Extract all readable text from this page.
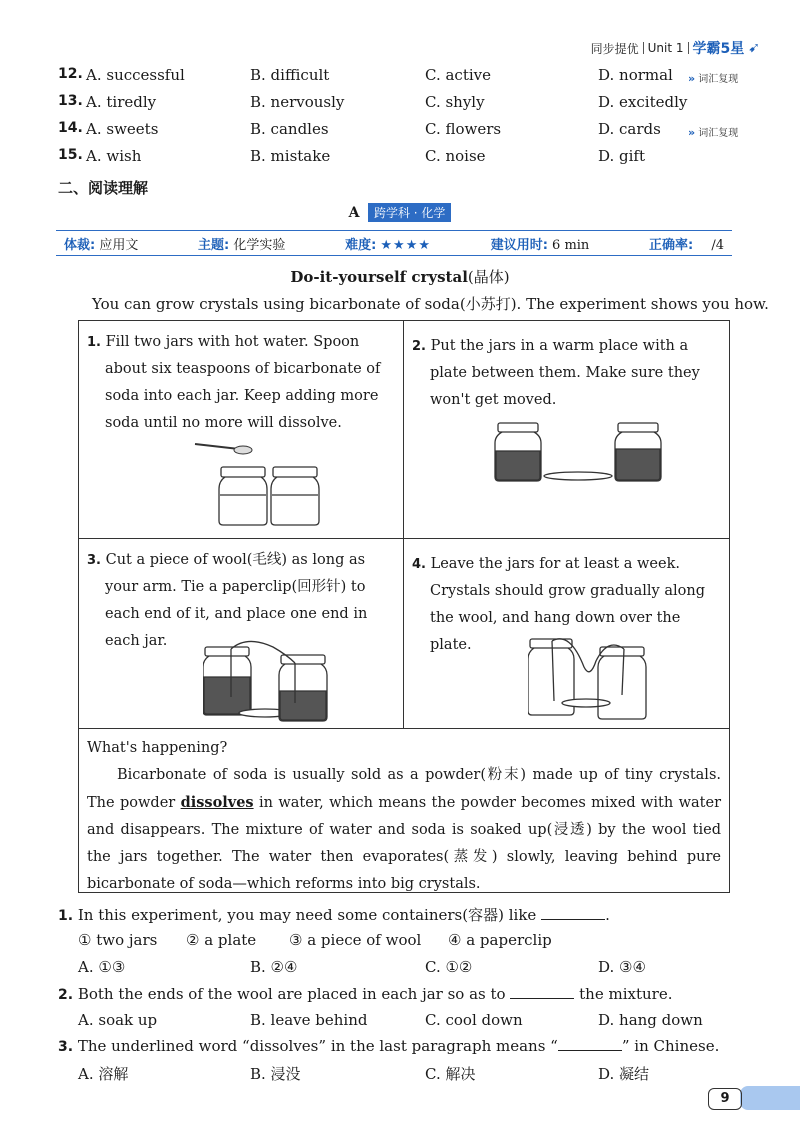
同步提优 Unit 1 学霸5星 ➹
12. A. successful	B. difficult	C. active	D. normal » 词汇复现
13. A. tiredly	B. nervously	C. shyly	D. excitedly
14. A. sweets	B. candles	C. flowers	D. cards » 词汇复现
15. A. wish	B. mistake	C. noise	D. gift
二、阅读理解
A 跨学科 · 化学
体裁: 应用文	主题: 化学实验	难度: ★★★★	建议用时: 6 min	正确率: /4
Do-it-yourself crystal(晶体)
You can grow crystals using bicarbonate of soda(小苏打). The experiment shows you how.
1. Fill two jars with hot water. Spoon about six teaspoons of bicarbonate of soda into each jar. Keep adding more soda until no more will dissolve.
2. Put the jars in a warm place with a plate between them. Make sure they won't get moved.
3. Cut a piece of wool(毛线) as long as your arm. Tie a paperclip(回形针) to each end of it, and place one end in each jar.
4. Leave the jars for at least a week. Crystals should grow gradually along the wool, and hang down over the plate.

What's happening?

Bicarbonate of soda is usually sold as a powder(粉末) made up of tiny crystals. The powder dissolves in water, which means the powder becomes mixed with water and disappears. The mixture of water and soda is soaked up(浸透) by the wool tied the jars together. The water then evaporates(蒸发) slowly, leaving behind pure bicarbonate of soda—which reforms into big crystals.

1. In this experiment, you may need some containers(容器) like	.
① two jars ② a plate ③ a piece of wool ④ a paperclip
A. ①③	B. ②④	C. ①②	D. ③④
2. Both the ends of the wool are placed in each jar so as to	the mixture.
A. soak up	B. leave behind	C. cool down	D. hang down
3. The underlined word “dissolves” in the last paragraph means “	” in Chinese.
A. 溶解	B. 浸没	C. 解决	D. 凝结
9
